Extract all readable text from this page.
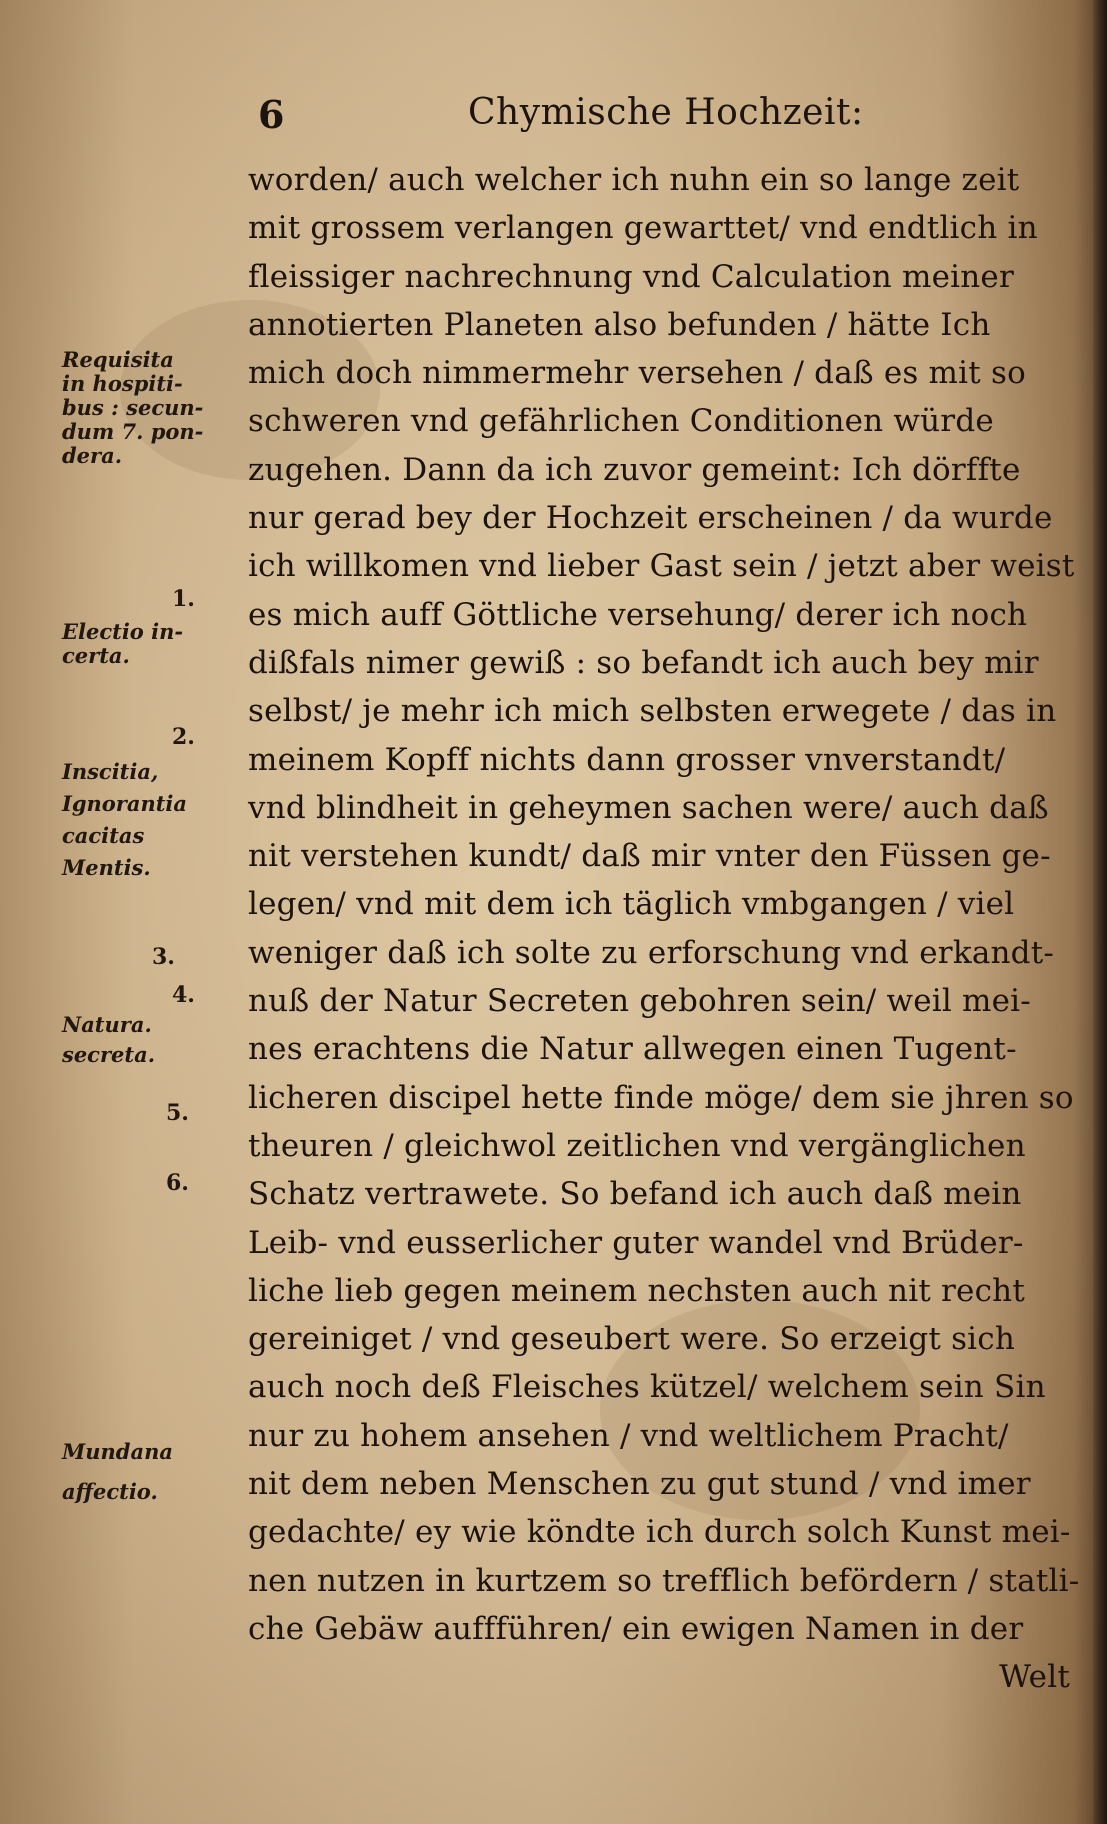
6	Chymische Hochzeit:
worden/ auch welcher ich nuhn ein so lange zeit
mit grossem verlangen gewarttet/ vnd endtlich in
fleissiger nachrechnung vnd Calculation meiner
annotierten Planeten also befunden / hätte Ich
mich doch nimmermehr versehen / daß es mit so
schweren vnd gefährlichen Conditionen würde
zugehen. Dann da ich zuvor gemeint: Ich dörffte
nur gerad bey der Hochzeit erscheinen / da wurde
ich willkomen vnd lieber Gast sein / jetzt aber weist
es mich auff Göttliche versehung/ derer ich noch
dißfals nimer gewiß : so befandt ich auch bey mir
selbst/ je mehr ich mich selbsten erwegete / das in
meinem Kopff nichts dann grosser vnverstandt/
vnd blindheit in geheymen sachen were/ auch daß
nit verstehen kundt/ daß mir vnter den Füssen ge-
legen/ vnd mit dem ich täglich vmbgangen / viel
weniger daß ich solte zu erforschung vnd erkandt-
nuß der Natur Secreten gebohren sein/ weil mei-
nes erachtens die Natur allwegen einen Tugent-
licheren discipel hette finde möge/ dem sie jhren so
theuren / gleichwol zeitlichen vnd vergänglichen
Schatz vertrawete. So befand ich auch daß mein
Leib- vnd eusserlicher guter wandel vnd Brüder-
liche lieb gegen meinem nechsten auch nit recht
gereiniget / vnd geseubert were. So erzeigt sich
auch noch deß Fleisches kützel/ welchem sein Sin
nur zu hohem ansehen / vnd weltlichem Pracht/
nit dem neben Menschen zu gut stund / vnd imer
gedachte/ ey wie köndte ich durch solch Kunst mei-
nen nutzen in kurtzem so trefflich befördern / statli-
che Gebäw auffführen/ ein ewigen Namen in der
Welt
Requisita
in hospiti-
bus : secun-
dum 7. pon-
dera.
1.
Electio in-
certa.
2.
Inscitia,
Ignorantia
cacitas
Mentis.
3.
4.
Natura.
secreta.
5.
6.
Mundana
affectio.
